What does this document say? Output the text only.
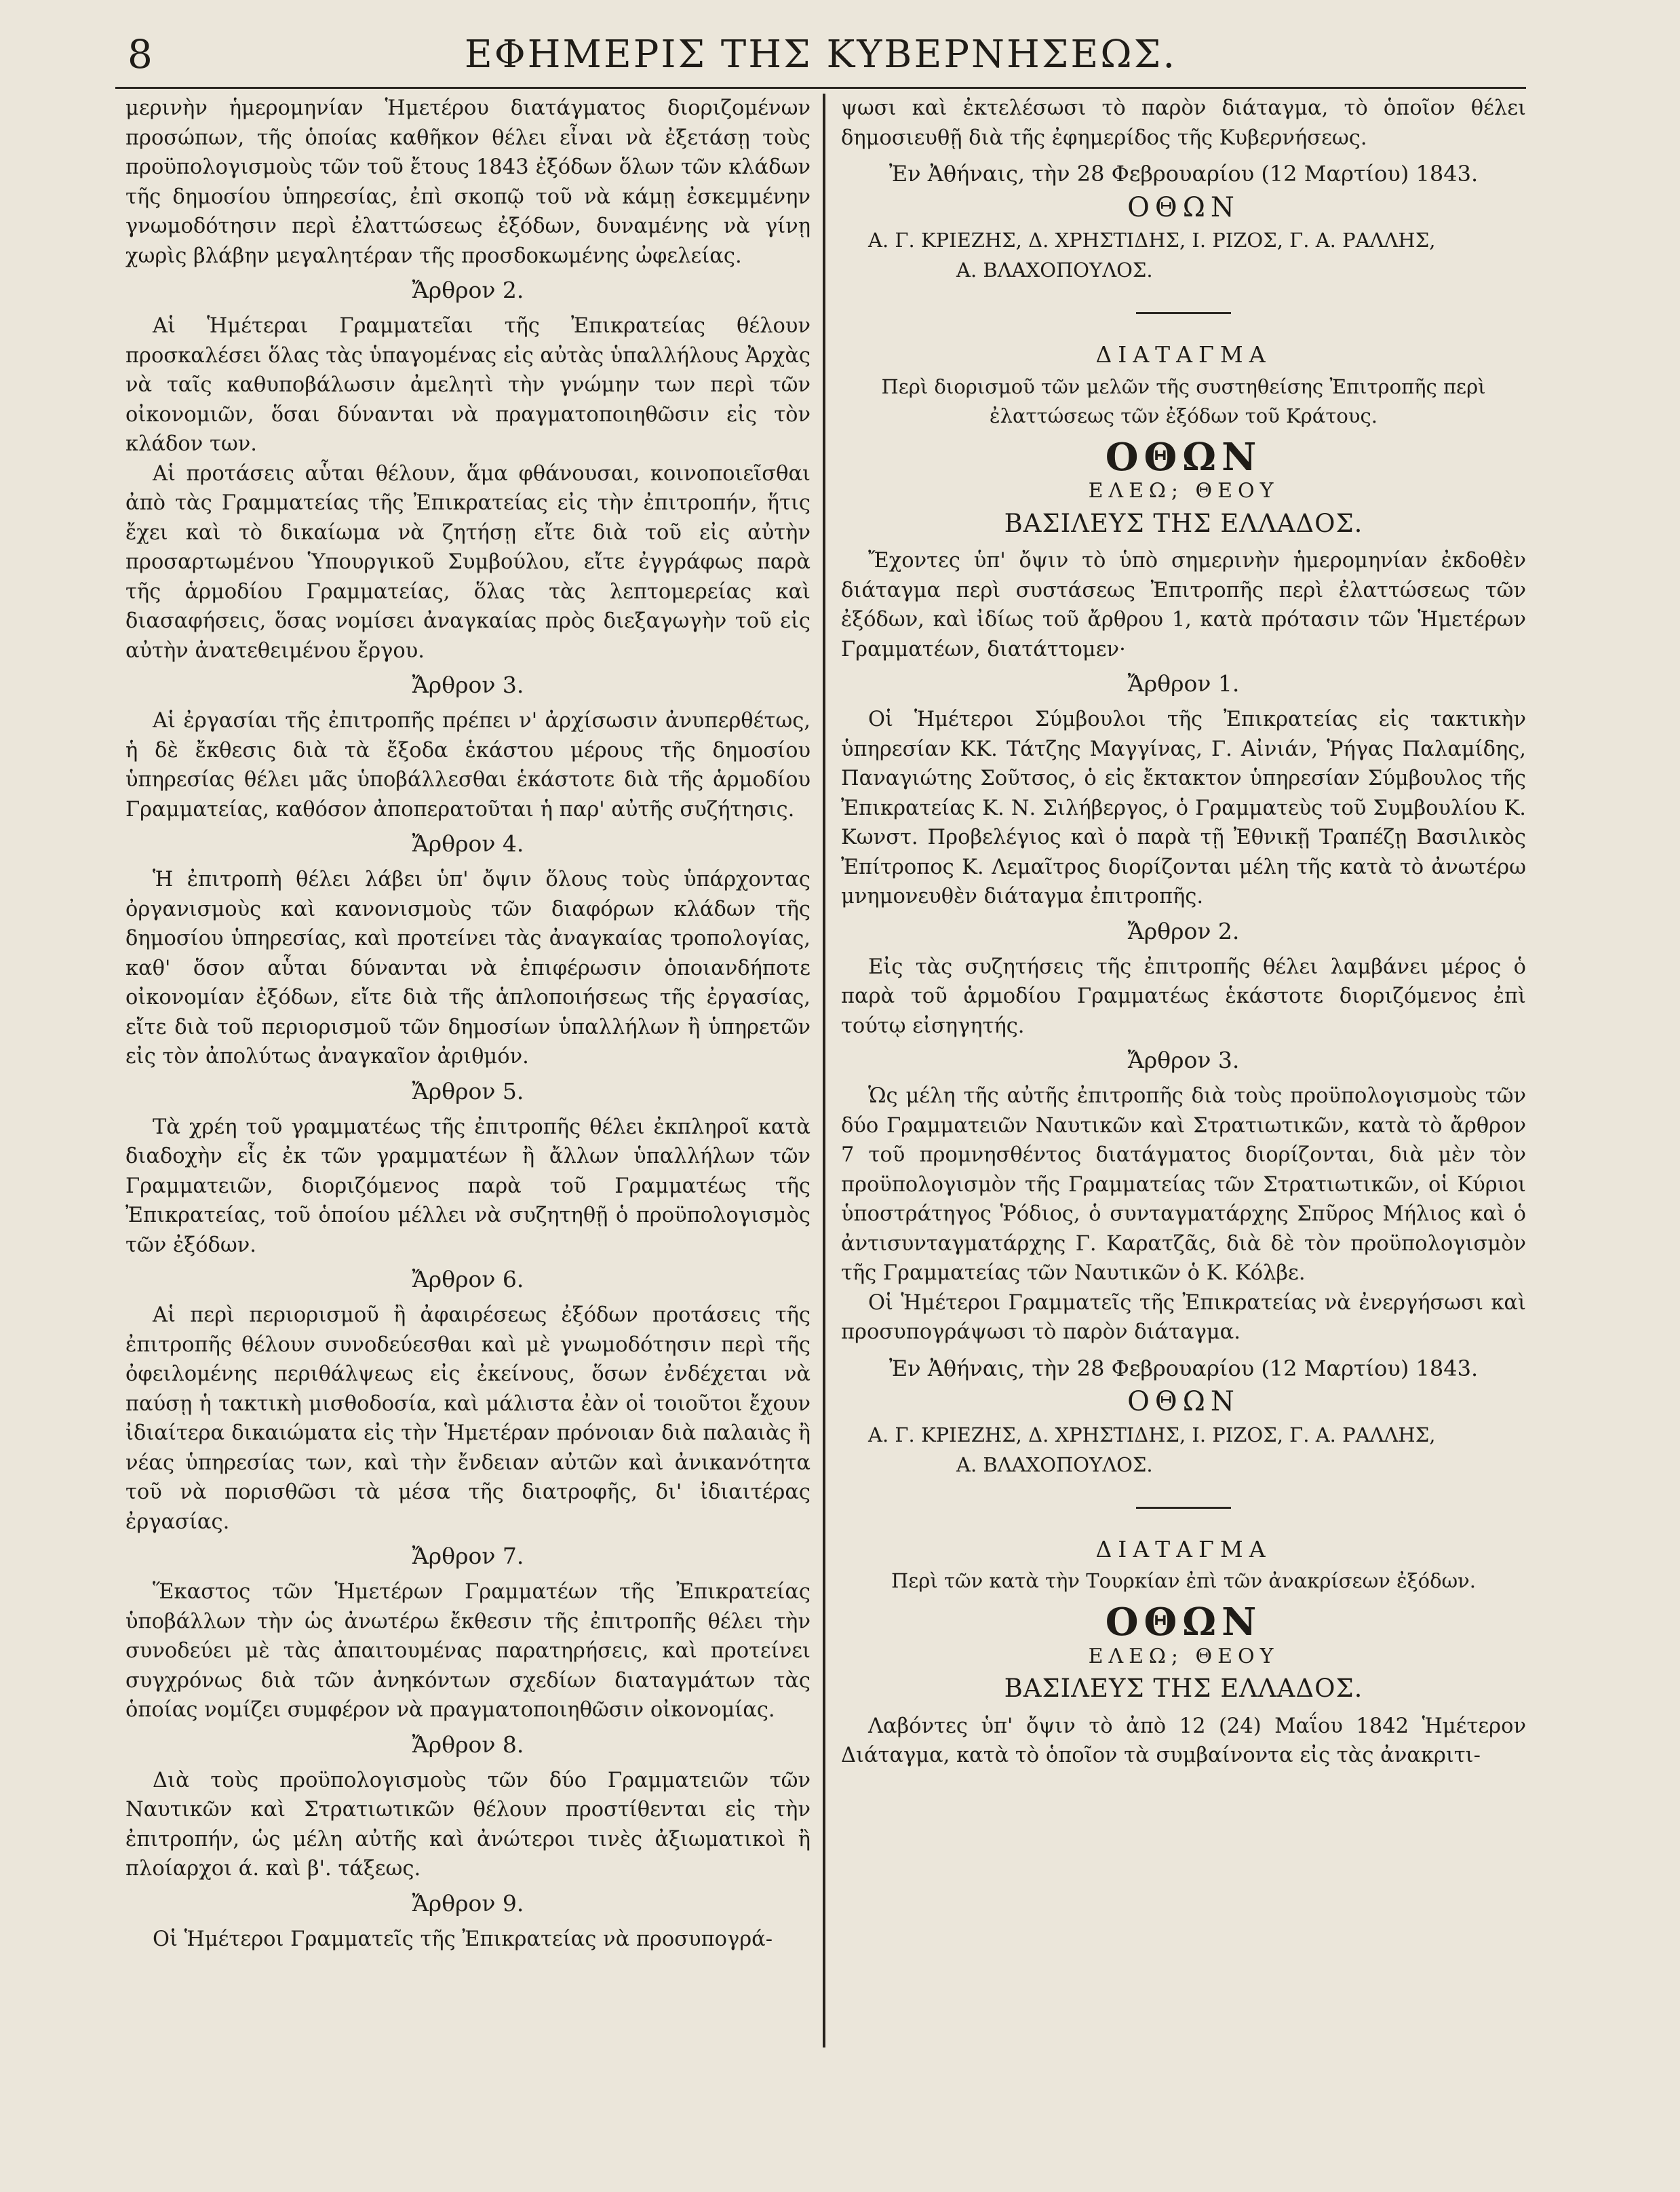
8	ΕΦΗΜΕΡΙΣ ΤΗΣ ΚΥΒΕΡΝΗΣΕΩΣ.

μερινὴν ἡμερομηνίαν Ἡμετέρου διατάγματος διοριζομένων προσώπων, τῆς ὁποίας καθῆκον θέλει εἶναι νὰ ἐξετάσῃ τοὺς προϋπολογισμοὺς τῶν τοῦ ἔτους 1843 ἐξόδων ὅλων τῶν κλάδων τῆς δημοσίου ὑπηρεσίας, ἐπὶ σκοπῷ τοῦ νὰ κάμῃ ἐσκεμμένην γνωμοδότησιν περὶ ἐλαττώσεως ἐξόδων, δυναμένης νὰ γίνῃ χωρὶς βλάβην μεγαλητέραν τῆς προσδοκωμένης ὠφελείας.

Ἄρθρον 2.

Αἱ Ἡμέτεραι Γραμματεῖαι τῆς Ἐπικρατείας θέλουν προσκαλέσει ὅλας τὰς ὑπαγομένας εἰς αὐτὰς ὑπαλλήλους Ἀρχὰς νὰ ταῖς καθυποβάλωσιν ἀμελητὶ τὴν γνώμην των περὶ τῶν οἰκονομιῶν, ὅσαι δύνανται νὰ πραγματοποιηθῶσιν εἰς τὸν κλάδον των.

Αἱ προτάσεις αὗται θέλουν, ἅμα φθάνουσαι, κοινοποιεῖσθαι ἀπὸ τὰς Γραμματείας τῆς Ἐπικρατείας εἰς τὴν ἐπιτροπήν, ἥτις ἔχει καὶ τὸ δικαίωμα νὰ ζητήσῃ εἴτε διὰ τοῦ εἰς αὐτὴν προσαρτωμένου Ὑπουργικοῦ Συμβούλου, εἴτε ἐγγράφως παρὰ τῆς ἁρμοδίου Γραμματείας, ὅλας τὰς λεπτομερείας καὶ διασαφήσεις, ὅσας νομίσει ἀναγκαίας πρὸς διεξαγωγὴν τοῦ εἰς αὐτὴν ἀνατεθειμένου ἔργου.

Ἄρθρον 3.

Αἱ ἐργασίαι τῆς ἐπιτροπῆς πρέπει ν' ἀρχίσωσιν ἀνυπερθέτως, ἡ δὲ ἔκθεσις διὰ τὰ ἔξοδα ἑκάστου μέρους τῆς δημοσίου ὑπηρεσίας θέλει μᾶς ὑποβάλλεσθαι ἑκάστοτε διὰ τῆς ἁρμοδίου Γραμματείας, καθόσον ἀποπερατοῦται ἡ παρ' αὐτῆς συζήτησις.

Ἄρθρον 4.

Ἡ ἐπιτροπὴ θέλει λάβει ὑπ' ὄψιν ὅλους τοὺς ὑπάρχοντας ὀργανισμοὺς καὶ κανονισμοὺς τῶν διαφόρων κλάδων τῆς δημοσίου ὑπηρεσίας, καὶ προτείνει τὰς ἀναγκαίας τροπολογίας, καθ' ὅσον αὗται δύνανται νὰ ἐπιφέρωσιν ὁποιανδήποτε οἰκονομίαν ἐξόδων, εἴτε διὰ τῆς ἁπλοποιήσεως τῆς ἐργασίας, εἴτε διὰ τοῦ περιορισμοῦ τῶν δημοσίων ὑπαλλήλων ἢ ὑπηρετῶν εἰς τὸν ἀπολύτως ἀναγκαῖον ἀριθμόν.

Ἄρθρον 5.

Τὰ χρέη τοῦ γραμματέως τῆς ἐπιτροπῆς θέλει ἐκπληροῖ κατὰ διαδοχὴν εἷς ἐκ τῶν γραμματέων ἢ ἄλλων ὑπαλλήλων τῶν Γραμματειῶν, διοριζόμενος παρὰ τοῦ Γραμματέως τῆς Ἐπικρατείας, τοῦ ὁποίου μέλλει νὰ συζητηθῇ ὁ προϋπολογισμὸς τῶν ἐξόδων.

Ἄρθρον 6.

Αἱ περὶ περιορισμοῦ ἢ ἀφαιρέσεως ἐξόδων προτάσεις τῆς ἐπιτροπῆς θέλουν συνοδεύεσθαι καὶ μὲ γνωμοδότησιν περὶ τῆς ὀφειλομένης περιθάλψεως εἰς ἐκείνους, ὅσων ἐνδέχεται νὰ παύσῃ ἡ τακτικὴ μισθοδοσία, καὶ μάλιστα ἐὰν οἱ τοιοῦτοι ἔχουν ἰδιαίτερα δικαιώματα εἰς τὴν Ἡμετέραν πρόνοιαν διὰ παλαιὰς ἢ νέας ὑπηρεσίας των, καὶ τὴν ἔνδειαν αὐτῶν καὶ ἀνικανότητα τοῦ νὰ πορισθῶσι τὰ μέσα τῆς διατροφῆς, δι' ἰδιαιτέρας ἐργασίας.

Ἄρθρον 7.

Ἕκαστος τῶν Ἡμετέρων Γραμματέων τῆς Ἐπικρατείας ὑποβάλλων τὴν ὡς ἀνωτέρω ἔκθεσιν τῆς ἐπιτροπῆς θέλει τὴν συνοδεύει μὲ τὰς ἀπαιτουμένας παρατηρήσεις, καὶ προτείνει συγχρόνως διὰ τῶν ἀνηκόντων σχεδίων διαταγμάτων τὰς ὁποίας νομίζει συμφέρον νὰ πραγματοποιηθῶσιν οἰκονομίας.

Ἄρθρον 8.

Διὰ τοὺς προϋπολογισμοὺς τῶν δύο Γραμματειῶν τῶν Ναυτικῶν καὶ Στρατιωτικῶν θέλουν προστίθενται εἰς τὴν ἐπιτροπήν, ὡς μέλη αὐτῆς καὶ ἀνώτεροι τινὲς ἀξιωματικοὶ ἢ πλοίαρχοι ά. καὶ β'. τάξεως.

Ἄρθρον 9.

Οἱ Ἡμέτεροι Γραμματεῖς τῆς Ἐπικρατείας νὰ προσυπογρά-

ψωσι καὶ ἐκτελέσωσι τὸ παρὸν διάταγμα, τὸ ὁποῖον θέλει δημοσιευθῇ διὰ τῆς ἐφημερίδος τῆς Κυβερνήσεως.

Ἐν Ἀθήναις, τὴν 28 Φεβρουαρίου (12 Μαρτίου) 1843.
ΟΘΩΝ

Α. Γ. ΚΡΙΕΖΗΣ, Δ. ΧΡΗΣΤΙΔΗΣ, Ι. ΡΙΖΟΣ, Γ. Α. ΡΑΛΛΗΣ,

Α. ΒΛΑΧΟΠΟΥΛΟΣ.

ΔΙΑΤΑΓΜΑ
Περὶ διορισμοῦ τῶν μελῶν τῆς συστηθείσης Ἐπιτροπῆς περὶ ἐλαττώσεως τῶν ἐξόδων τοῦ Κράτους.
ΟΘΩΝ
ΕΛΕΩ; ΘΕΟΥ
ΒΑΣΙΛΕΥΣ ΤΗΣ ΕΛΛΑΔΟΣ.

Ἔχοντες ὑπ' ὄψιν τὸ ὑπὸ σημερινὴν ἡμερομηνίαν ἐκδοθὲν διάταγμα περὶ συστάσεως Ἐπιτροπῆς περὶ ἐλαττώσεως τῶν ἐξόδων, καὶ ἰδίως τοῦ ἄρθρου 1, κατὰ πρότασιν τῶν Ἡμετέρων Γραμματέων, διατάττομεν·

Ἄρθρον 1.

Οἱ Ἡμέτεροι Σύμβουλοι τῆς Ἐπικρατείας εἰς τακτικὴν ὑπηρεσίαν ΚΚ. Τάτζης Μαγγίνας, Γ. Αἰνιάν, Ῥήγας Παλαμίδης, Παναγιώτης Σοῦτσος, ὁ εἰς ἔκτακτον ὑπηρεσίαν Σύμβουλος τῆς Ἐπικρατείας Κ. Ν. Σιλήβεργος, ὁ Γραμματεὺς τοῦ Συμβουλίου Κ. Κωνστ. Προβελέγιος καὶ ὁ παρὰ τῇ Ἐθνικῇ Τραπέζῃ Βασιλικὸς Ἐπίτροπος Κ. Λεμαῖτρος διορίζονται μέλη τῆς κατὰ τὸ ἀνωτέρω μνημονευθὲν διάταγμα ἐπιτροπῆς.

Ἄρθρον 2.

Εἰς τὰς συζητήσεις τῆς ἐπιτροπῆς θέλει λαμβάνει μέρος ὁ παρὰ τοῦ ἁρμοδίου Γραμματέως ἑκάστοτε διοριζόμενος ἐπὶ τούτῳ εἰσηγητής.

Ἄρθρον 3.

Ὡς μέλη τῆς αὐτῆς ἐπιτροπῆς διὰ τοὺς προϋπολογισμοὺς τῶν δύο Γραμματειῶν Ναυτικῶν καὶ Στρατιωτικῶν, κατὰ τὸ ἄρθρον 7 τοῦ προμνησθέντος διατάγματος διορίζονται, διὰ μὲν τὸν προϋπολογισμὸν τῆς Γραμματείας τῶν Στρατιωτικῶν, οἱ Κύριοι ὑποστράτηγος Ῥόδιος, ὁ συνταγματάρχης Σπῦρος Μήλιος καὶ ὁ ἀντισυνταγματάρχης Γ. Καρατζᾶς, διὰ δὲ τὸν προϋπολογισμὸν τῆς Γραμματείας τῶν Ναυτικῶν ὁ Κ. Κόλβε.

Οἱ Ἡμέτεροι Γραμματεῖς τῆς Ἐπικρατείας νὰ ἐνεργήσωσι καὶ προσυπογράψωσι τὸ παρὸν διάταγμα.

Ἐν Ἀθήναις, τὴν 28 Φεβρουαρίου (12 Μαρτίου) 1843.
ΟΘΩΝ

Α. Γ. ΚΡΙΕΖΗΣ, Δ. ΧΡΗΣΤΙΔΗΣ, Ι. ΡΙΖΟΣ, Γ. Α. ΡΑΛΛΗΣ,

Α. ΒΛΑΧΟΠΟΥΛΟΣ.

ΔΙΑΤΑΓΜΑ
Περὶ τῶν κατὰ τὴν Τουρκίαν ἐπὶ τῶν ἀνακρίσεων ἐξόδων.
ΟΘΩΝ
ΕΛΕΩ; ΘΕΟΥ
ΒΑΣΙΛΕΥΣ ΤΗΣ ΕΛΛΑΔΟΣ.

Λαβόντες ὑπ' ὄψιν τὸ ἀπὸ 12 (24) Μαΐου 1842 Ἡμέτερον Διάταγμα, κατὰ τὸ ὁποῖον τὰ συμβαίνοντα εἰς τὰς ἀνακριτι-
